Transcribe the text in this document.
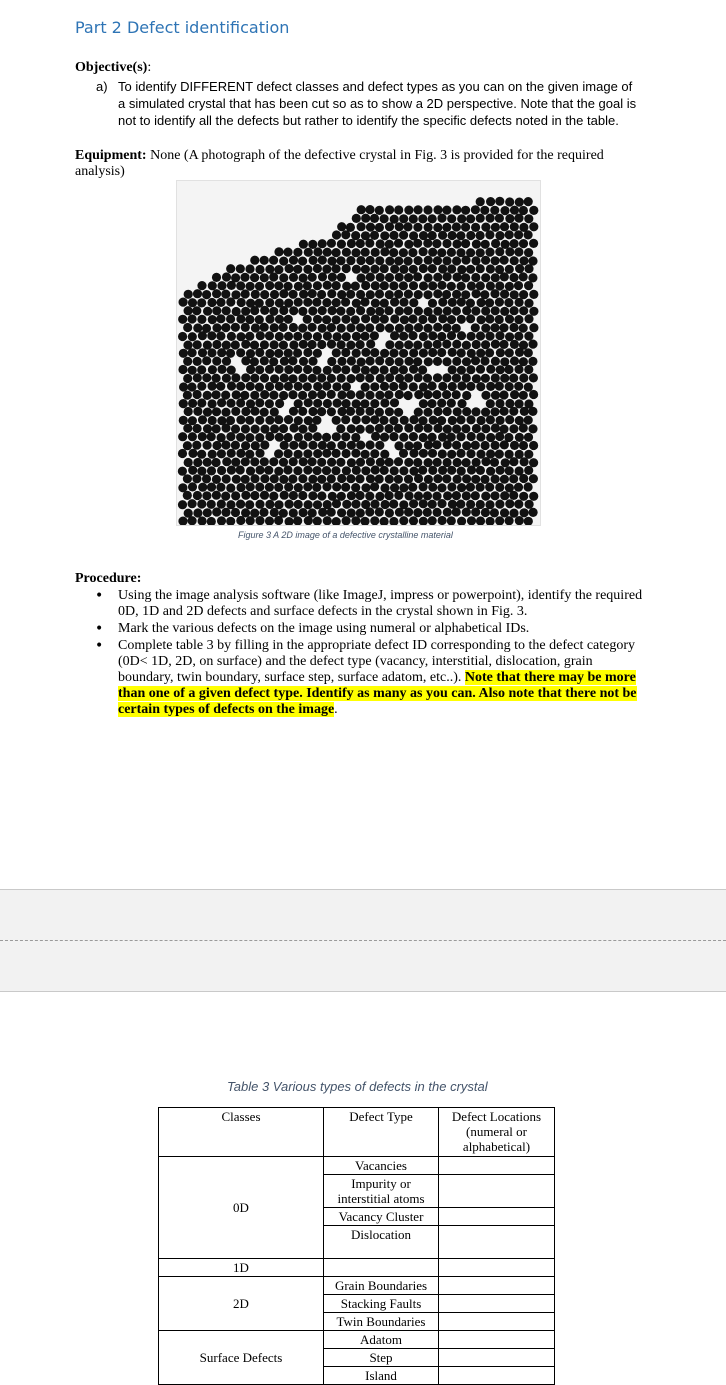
Part 2 Defect identification
Objective(s):
a) To identify DIFFERENT defect classes and defect types as you can on the given image of a simulated crystal that has been cut so as to show a 2D perspective. Note that the goal is not to identify all the defects but rather to identify the specific defects noted in the table.
Equipment: None (A photograph of the defective crystal in Fig. 3 is provided for the required analysis)
Figure 3 A 2D image of a defective crystalline material
Procedure:
• Using the image analysis software (like ImageJ, impress or powerpoint), identify the required 0D, 1D and 2D defects and surface defects in the crystal shown in Fig. 3.
• Mark the various defects on the image using numeral or alphabetical IDs.
• Complete table 3 by filling in the appropriate defect ID corresponding to the defect category (0D< 1D, 2D, on surface) and the defect type (vacancy, interstitial, dislocation, grain boundary, twin boundary, surface step, surface adatom, etc..). Note that there may be more than one of a given defect type. Identify as many as you can. Also note that there not be certain types of defects on the image.
Table 3 Various types of defects in the crystal
Classes	Defect Type	Defect Locations (numeral or alphabetical)
0D	Vacancies	
	Impurity or interstitial atoms	
	Vacancy Cluster	
	Dislocation	
1D		
2D	Grain Boundaries	
	Stacking Faults	
	Twin Boundaries	
Surface Defects	Adatom	
	Step	
	Island	
